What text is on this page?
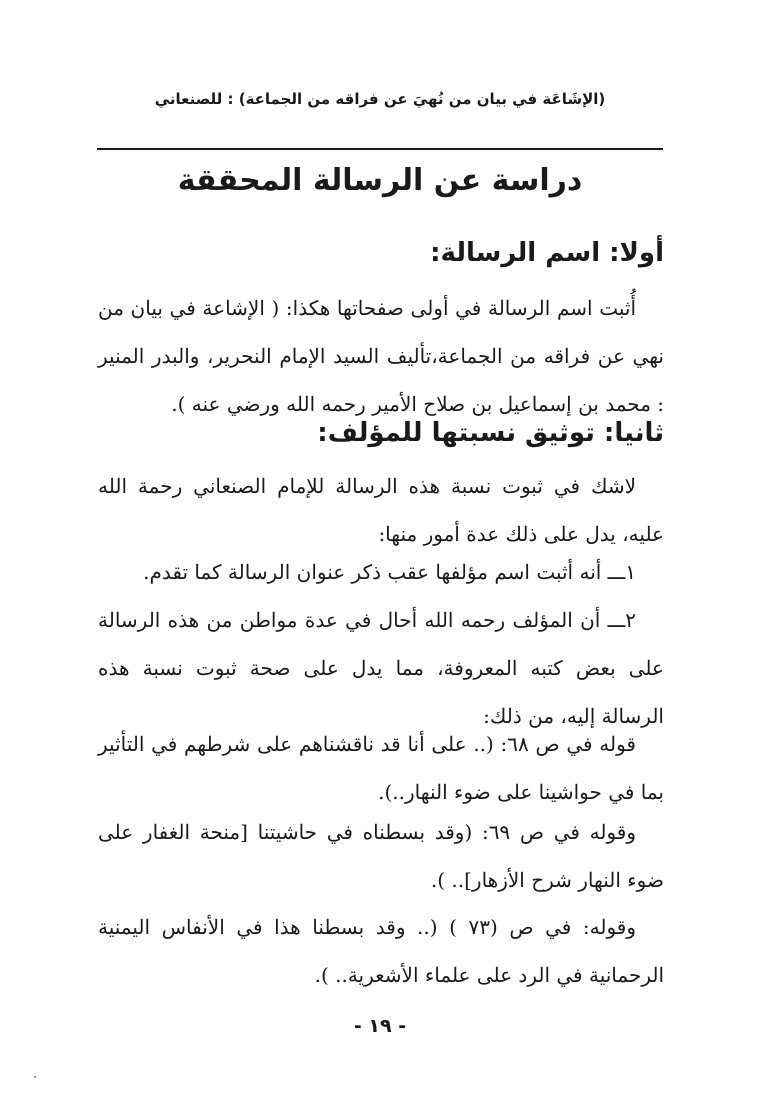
(الإشَاعَة في بيان من نُهيَ عن فراقه من الجماعة) : للصنعاني
دراسة عن الرسالة المحققة
أولا: اسم الرسالة:
أُثبت اسم الرسالة في أولى صفحاتها هكذا: ( الإشاعة في بيان من نهي عن فراقه من الجماعة،تأليف السيد الإمام النحرير، والبدر المنير : محمد بن إسماعيل بن صلاح الأمير رحمه الله ورضي عنه ).
ثانيا: توثيق نسبتها للمؤلف:
لاشك في ثبوت نسبة هذه الرسالة للإمام الصنعاني رحمة الله عليه، يدل على ذلك عدة أمور منها:
١ـــ أنه أثبت اسم مؤلفها عقب ذكر عنوان الرسالة كما تقدم.
٢ـــ أن المؤلف رحمه الله أحال في عدة مواطن من هذه الرسالة على بعض كتبه المعروفة، مما يدل على صحة ثبوت نسبة هذه الرسالة إليه، من ذلك:
قوله في ص ٦٨: (.. على أنا قد ناقشناهم على شرطهم في التأثير بما في حواشينا على ضوء النهار..).
وقوله في ص ٦٩: (وقد بسطناه في حاشيتنا [منحة الغفار على ضوء النهار شرح الأزهار].. ).
وقوله: في ص (٧٣ ) (.. وقد بسطنا هذا في الأنفاس اليمنية الرحمانية في الرد على علماء الأشعرية.. ).
- ١٩ -
